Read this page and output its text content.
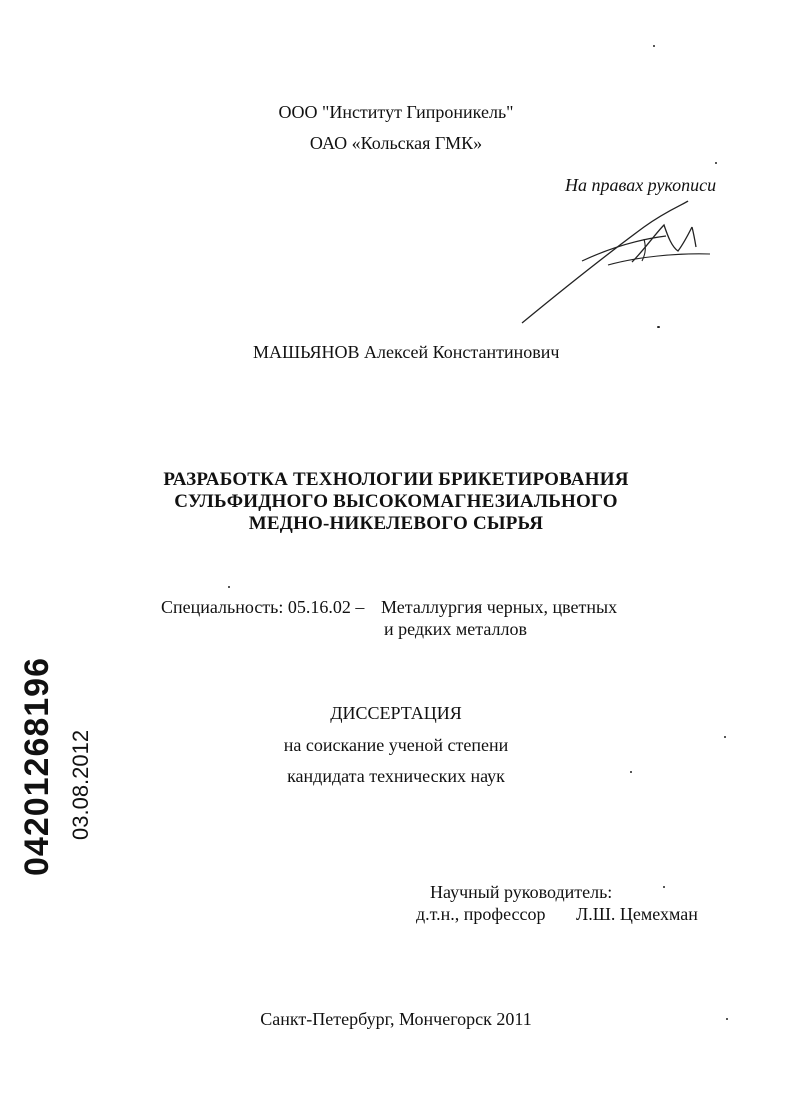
ООО "Институт Гипроникель"
ОАО «Кольская ГМК»
На правах рукописи
МАШЬЯНОВ Алексей Константинович
РАЗРАБОТКА ТЕХНОЛОГИИ БРИКЕТИРОВАНИЯ
СУЛЬФИДНОГО ВЫСОКОМАГНЕЗИАЛЬНОГО
МЕДНО-НИКЕЛЕВОГО СЫРЬЯ
Специальность: 05.16.02 – Металлургия черных, цветных
и редких металлов
ДИССЕРТАЦИЯ
на соискание ученой степени
кандидата технических наук
Научный руководитель:
д.т.н., профессор Л.Ш. Цемехман
Санкт-Петербург, Мончегорск 2011
04201268196 03.08.2012
